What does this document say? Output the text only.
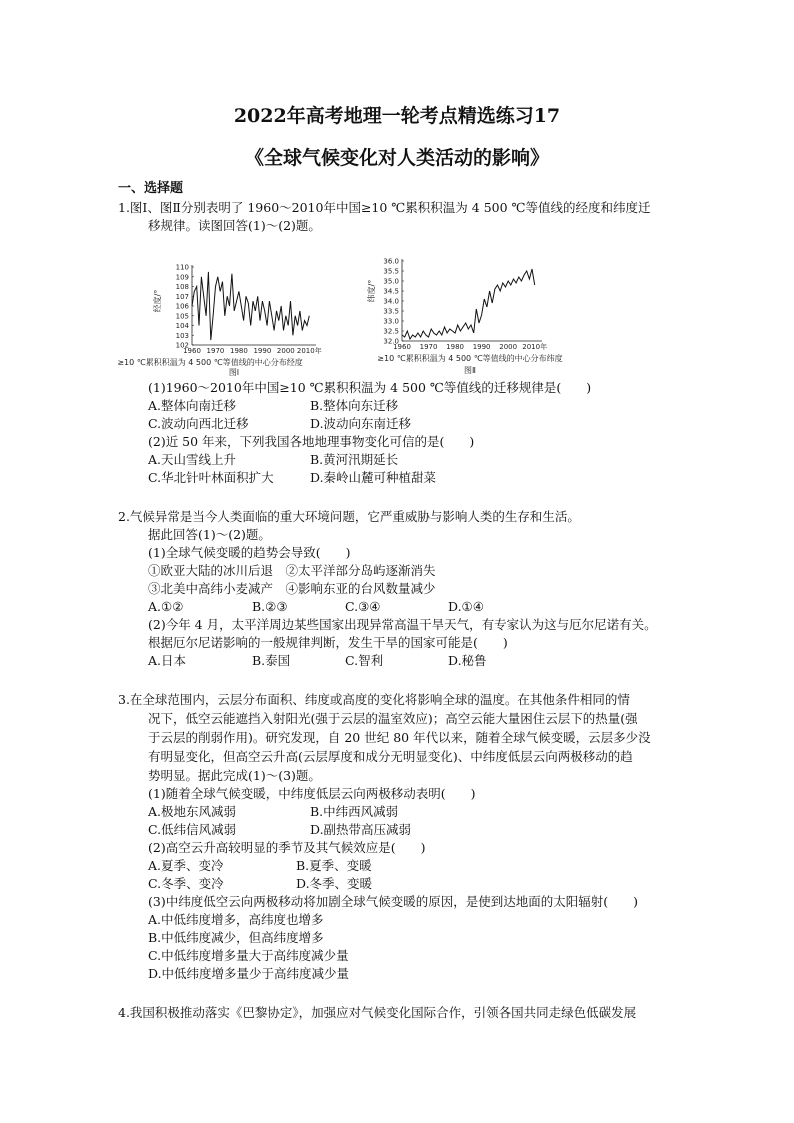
2022年高考地理一轮考点精选练习17
《全球气候变化对人类活动的影响》
一、选择题
1.图Ⅰ、图Ⅱ分别表明了 1960～2010年中国≥10 ℃累积积温为 4 500 ℃等值线的经度和纬度迁
移规律。读图回答(1)～(2)题。
经度/°
110
109
108
107
106
105
104
103
102
1960 1970 1980 1990 2000 2010年
≥10 ℃累积积温为 4 500 ℃等值线的中心分布经度
图Ⅰ
纬度/°
36.0
35.5
35.0
34.5
34.0
33.5
33.0
32.5
32.0
1960 1970 1980 1990 2000 2010年
≥10 ℃累积积温为 4 500 ℃等值线的中心分布纬度
图Ⅱ
(1)1960～2010年中国≥10 ℃累积积温为 4 500 ℃等值线的迁移规律是(　　)
A.整体向南迁移	B.整体向东迁移
C.波动向西北迁移	D.波动向东南迁移
(2)近 50 年来，下列我国各地地理事物变化可信的是(　　)
A.天山雪线上升	B.黄河汛期延长
C.华北针叶林面积扩大	D.秦岭山麓可种植甜菜
2.气候异常是当今人类面临的重大环境问题，它严重威胁与影响人类的生存和生活。
据此回答(1)～(2)题。
(1)全球气候变暖的趋势会导致(　　)
①欧亚大陆的冰川后退　②太平洋部分岛屿逐渐消失
③北美中高纬小麦减产　④影响东亚的台风数量减少
A.①②	B.②③	C.③④	D.①④
(2)今年 4 月，太平洋周边某些国家出现异常高温干旱天气，有专家认为这与厄尔尼诺有关。
根据厄尔尼诺影响的一般规律判断，发生干旱的国家可能是(　　)
A.日本	B.泰国	C.智利	D.秘鲁
3.在全球范围内，云层分布面积、纬度或高度的变化将影响全球的温度。在其他条件相同的情
况下，低空云能遮挡入射阳光(强于云层的温室效应)；高空云能大量困住云层下的热量(强
于云层的削弱作用)。研究发现，自 20 世纪 80 年代以来，随着全球气候变暖，云层多少没
有明显变化，但高空云升高(云层厚度和成分无明显变化)、中纬度低层云向两极移动的趋
势明显。据此完成(1)～(3)题。
(1)随着全球气候变暖，中纬度低层云向两极移动表明(　　)
A.极地东风减弱	B.中纬西风减弱
C.低纬信风减弱	D.副热带高压减弱
(2)高空云升高较明显的季节及其气候效应是(　　)
A.夏季、变冷	B.夏季、变暖
C.冬季、变冷	D.冬季、变暖
(3)中纬度低空云向两极移动将加剧全球气候变暖的原因，是使到达地面的太阳辐射(　　)
A.中低纬度增多，高纬度也增多
B.中低纬度减少，但高纬度增多
C.中低纬度增多量大于高纬度减少量
D.中低纬度增多量少于高纬度减少量
4.我国积极推动落实《巴黎协定》，加强应对气候变化国际合作，引领各国共同走绿色低碳发展
